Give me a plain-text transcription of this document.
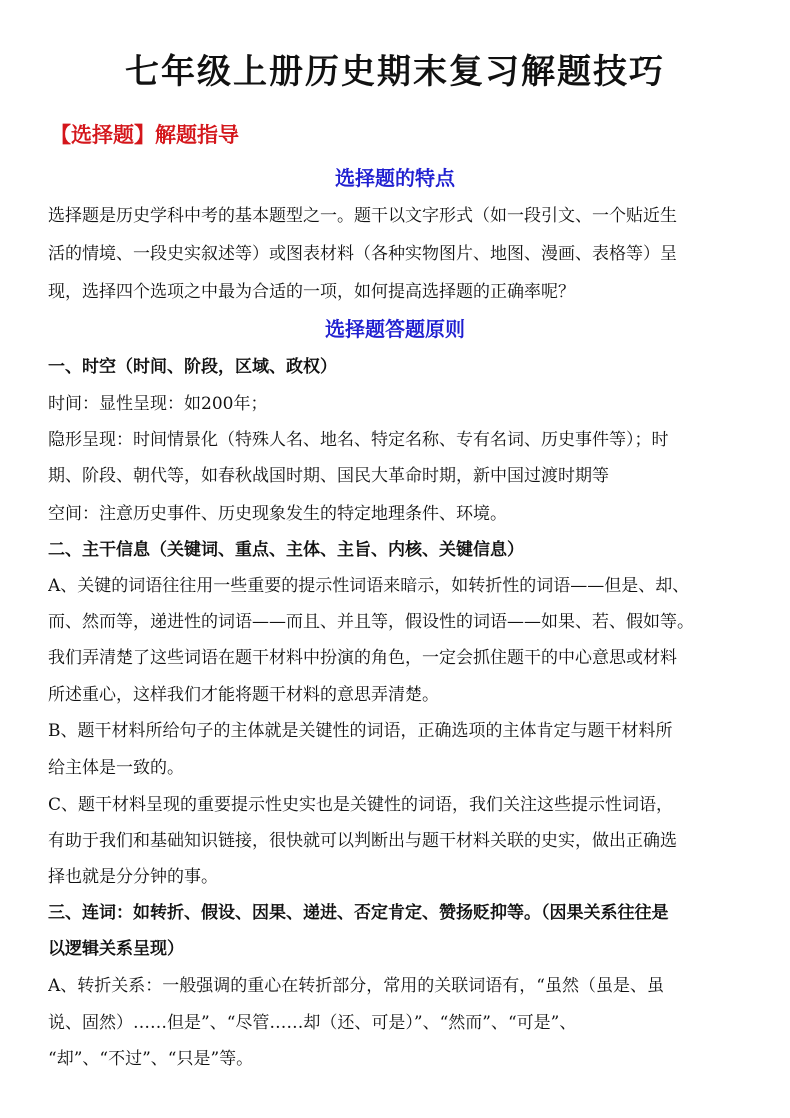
七年级上册历史期末复习解题技巧
【选择题】解题指导
选择题的特点
选择题是历史学科中考的基本题型之一。题干以文字形式（如一段引文、一个贴近生
活的情境、一段史实叙述等）或图表材料（各种实物图片、地图、漫画、表格等）呈
现，选择四个选项之中最为合适的一项，如何提高选择题的正确率呢？
选择题答题原则
一、时空（时间、阶段，区域、政权）
时间：显性呈现：如200年；
隐形呈现：时间情景化（特殊人名、地名、特定名称、专有名词、历史事件等）；时
期、阶段、朝代等，如春秋战国时期、国民大革命时期，新中国过渡时期等
空间：注意历史事件、历史现象发生的特定地理条件、环境。
二、主干信息（关键词、重点、主体、主旨、内核、关键信息）
A、关键的词语往往用一些重要的提示性词语来暗示，如转折性的词语——但是、却、
而、然而等，递进性的词语——而且、并且等，假设性的词语——如果、若、假如等。
我们弄清楚了这些词语在题干材料中扮演的角色，一定会抓住题干的中心意思或材料
所述重心，这样我们才能将题干材料的意思弄清楚。
B、题干材料所给句子的主体就是关键性的词语，正确选项的主体肯定与题干材料所
给主体是一致的。
C、题干材料呈现的重要提示性史实也是关键性的词语，我们关注这些提示性词语，
有助于我们和基础知识链接，很快就可以判断出与题干材料关联的史实，做出正确选
择也就是分分钟的事。
三、连词：如转折、假设、因果、递进、否定肯定、赞扬贬抑等。（因果关系往往是
以逻辑关系呈现）
A、转折关系：一般强调的重心在转折部分，常用的关联词语有，“虽然（虽是、虽
说、固然）……但是”、“尽管……却（还、可是）”、“然而”、“可是”、
“却”、“不过”、“只是”等。
